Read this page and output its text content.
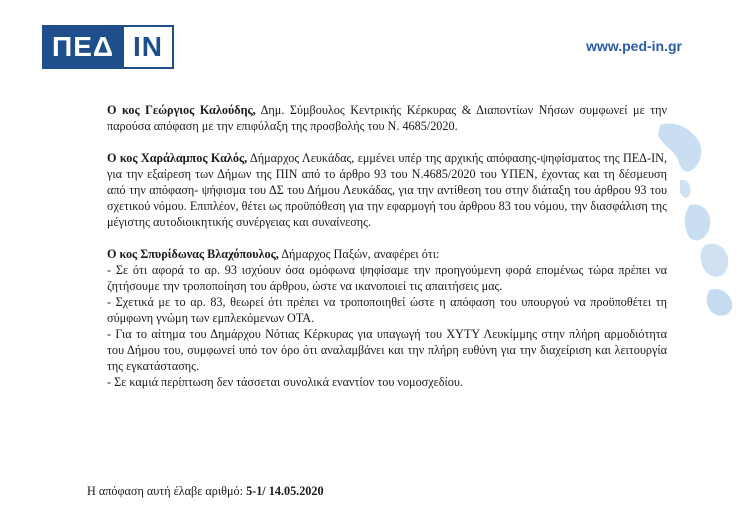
ΠΕΔ ΙΝ	www.ped-in.gr

Ο κος Γεώργιος Καλούδης, Δημ. Σύμβουλος Κεντρικής Κέρκυρας & Διαποντίων Νήσων συμφωνεί με την παρούσα απόφαση με την επιφύλαξη της προσβολής του Ν. 4685/2020.

Ο κος Χαράλαμπος Καλός, Δήμαρχος Λευκάδας, εμμένει υπέρ της αρχικής απόφασης-ψηφίσματος της ΠΕΔ-ΙΝ, για την εξαίρεση των Δήμων της ΠΙΝ από το άρθρο 93 του Ν.4685/2020 του ΥΠΕΝ, έχοντας και τη δέσμευση από την απόφαση- ψήφισμα του ΔΣ του Δήμου Λευκάδας, για την αντίθεση του στην διάταξη του άρθρου 93 του σχετικού νόμου. Επιπλέον, θέτει ως προϋπόθεση για την εφαρμογή του άρθρου 83 του νόμου, την διασφάλιση της μέγιστης αυτοδιοικητικής συνέργειας και συναίνεσης.

Ο κος Σπυρίδωνας Βλαχόπουλος, Δήμαρχος Παξών, αναφέρει ότι:

- Σε ότι αφορά το αρ. 93 ισχύουν όσα ομόφωνα ψηφίσαμε την προηγούμενη φορά επομένως τώρα πρέπει να ζητήσουμε την τροποποίηση του άρθρου, ώστε να ικανοποιεί τις απαιτήσεις μας.

- Σχετικά με το αρ. 83, θεωρεί ότι πρέπει να τροποποιηθεί ώστε η απόφαση του υπουργού να προϋποθέτει τη σύμφωνη γνώμη των εμπλεκόμενων ΟΤΑ.

- Για το αίτημα του Δημάρχου Νότιας Κέρκυρας για υπαγωγή του ΧΥΤΥ Λευκίμμης στην πλήρη αρμοδιότητα του Δήμου του, συμφωνεί υπό τον όρο ότι αναλαμβάνει και την πλήρη ευθύνη για την διαχείριση και λειτουργία της εγκατάστασης.

- Σε καμιά περίπτωση δεν τάσσεται συνολικά εναντίον του νομοσχεδίου.

Η απόφαση αυτή έλαβε αριθμό: 5-1/ 14.05.2020
